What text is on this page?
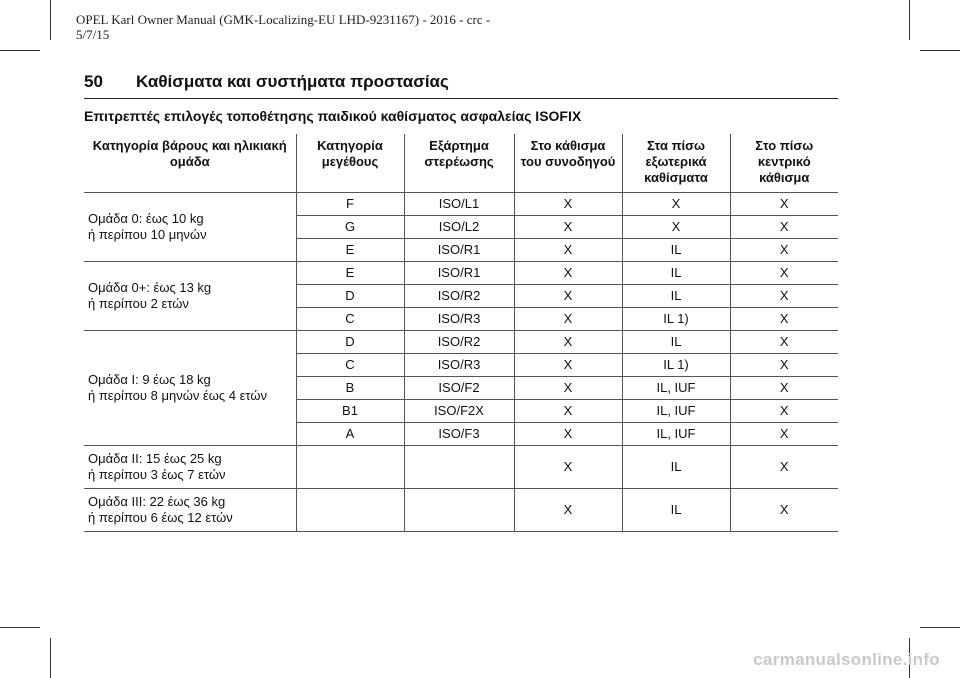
OPEL Karl Owner Manual (GMK-Localizing-EU LHD-9231167) - 2016 - crc - 5/7/15
50 Καθίσματα και συστήματα προστασίας
Επιτρεπτές επιλογές τοποθέτησης παιδικού καθίσματος ασφαλείας ISOFIX
Κατηγορία βάρους και ηλικιακή ομάδα	Κατηγορία μεγέθους	Εξάρτημα στερέωσης	Στο κάθισμα του συνοδηγού	Στα πίσω εξωτερικά καθίσματα	Στο πίσω κεντρικό κάθισμα
Ομάδα 0: έως 10 kg
ή περίπου 10 μηνών	F	ISO/L1	X	X	X
	G	ISO/L2	X	X	X
	E	ISO/R1	X	IL	X
Ομάδα 0+: έως 13 kg
ή περίπου 2 ετών	E	ISO/R1	X	IL	X
	D	ISO/R2	X	IL	X
	C	ISO/R3	X	IL 1)	X
Ομάδα I: 9 έως 18 kg
ή περίπου 8 μηνών έως 4 ετών	D	ISO/R2	X	IL	X
	C	ISO/R3	X	IL 1)	X
	B	ISO/F2	X	IL, IUF	X
	B1	ISO/F2X	X	IL, IUF	X
	A	ISO/F3	X	IL, IUF	X
Ομάδα II: 15 έως 25 kg
ή περίπου 3 έως 7 ετών			X	IL	X
Ομάδα III: 22 έως 36 kg
ή περίπου 6 έως 12 ετών			X	IL	X
carmanualsonline.info
